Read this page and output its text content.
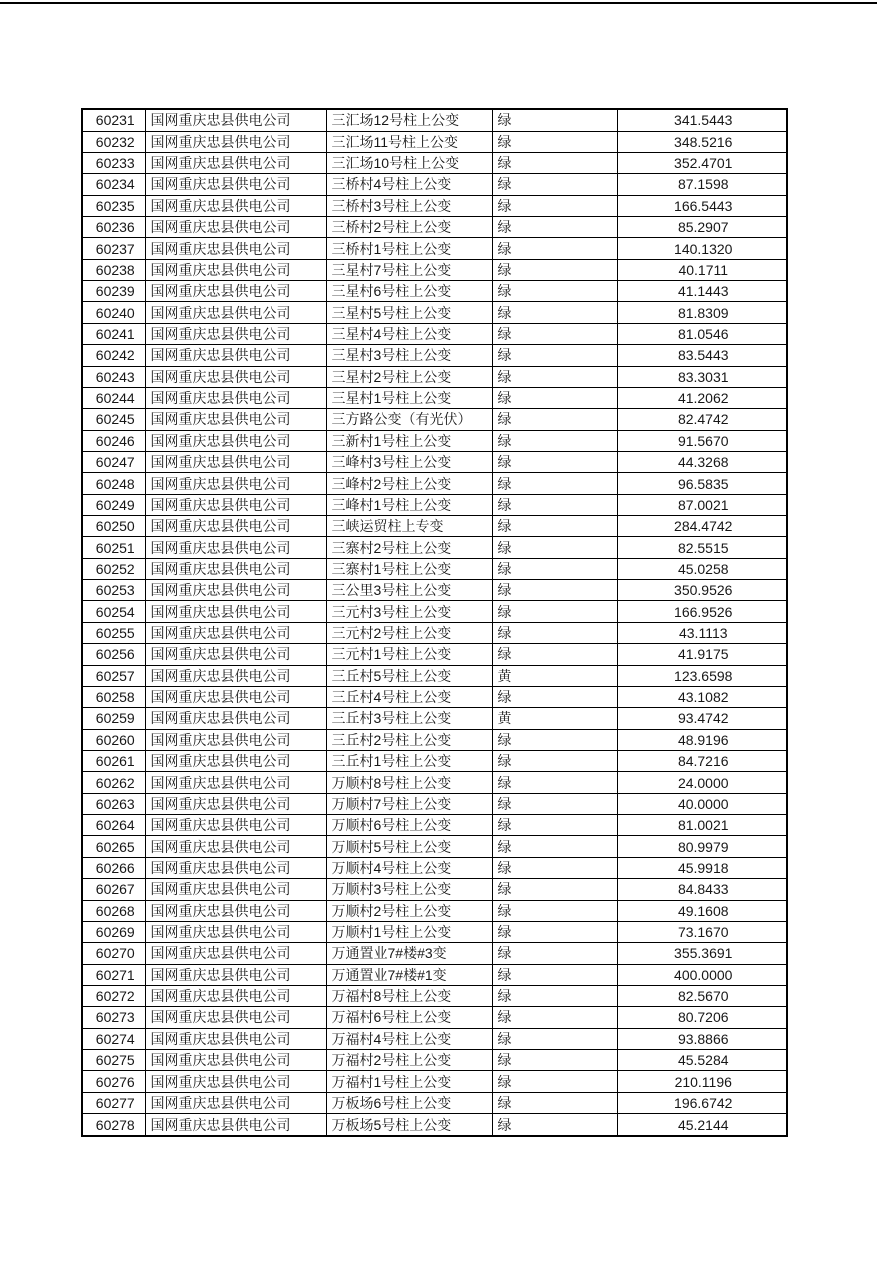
60231	国网重庆忠县供电公司	三汇场12号柱上公变	绿	341.5443
60232	国网重庆忠县供电公司	三汇场11号柱上公变	绿	348.5216
60233	国网重庆忠县供电公司	三汇场10号柱上公变	绿	352.4701
60234	国网重庆忠县供电公司	三桥村4号柱上公变	绿	87.1598
60235	国网重庆忠县供电公司	三桥村3号柱上公变	绿	166.5443
60236	国网重庆忠县供电公司	三桥村2号柱上公变	绿	85.2907
60237	国网重庆忠县供电公司	三桥村1号柱上公变	绿	140.1320
60238	国网重庆忠县供电公司	三星村7号柱上公变	绿	40.1711
60239	国网重庆忠县供电公司	三星村6号柱上公变	绿	41.1443
60240	国网重庆忠县供电公司	三星村5号柱上公变	绿	81.8309
60241	国网重庆忠县供电公司	三星村4号柱上公变	绿	81.0546
60242	国网重庆忠县供电公司	三星村3号柱上公变	绿	83.5443
60243	国网重庆忠县供电公司	三星村2号柱上公变	绿	83.3031
60244	国网重庆忠县供电公司	三星村1号柱上公变	绿	41.2062
60245	国网重庆忠县供电公司	三方路公变（有光伏）	绿	82.4742
60246	国网重庆忠县供电公司	三新村1号柱上公变	绿	91.5670
60247	国网重庆忠县供电公司	三峰村3号柱上公变	绿	44.3268
60248	国网重庆忠县供电公司	三峰村2号柱上公变	绿	96.5835
60249	国网重庆忠县供电公司	三峰村1号柱上公变	绿	87.0021
60250	国网重庆忠县供电公司	三峡运贸柱上专变	绿	284.4742
60251	国网重庆忠县供电公司	三寨村2号柱上公变	绿	82.5515
60252	国网重庆忠县供电公司	三寨村1号柱上公变	绿	45.0258
60253	国网重庆忠县供电公司	三公里3号柱上公变	绿	350.9526
60254	国网重庆忠县供电公司	三元村3号柱上公变	绿	166.9526
60255	国网重庆忠县供电公司	三元村2号柱上公变	绿	43.1113
60256	国网重庆忠县供电公司	三元村1号柱上公变	绿	41.9175
60257	国网重庆忠县供电公司	三丘村5号柱上公变	黄	123.6598
60258	国网重庆忠县供电公司	三丘村4号柱上公变	绿	43.1082
60259	国网重庆忠县供电公司	三丘村3号柱上公变	黄	93.4742
60260	国网重庆忠县供电公司	三丘村2号柱上公变	绿	48.9196
60261	国网重庆忠县供电公司	三丘村1号柱上公变	绿	84.7216
60262	国网重庆忠县供电公司	万顺村8号柱上公变	绿	24.0000
60263	国网重庆忠县供电公司	万顺村7号柱上公变	绿	40.0000
60264	国网重庆忠县供电公司	万顺村6号柱上公变	绿	81.0021
60265	国网重庆忠县供电公司	万顺村5号柱上公变	绿	80.9979
60266	国网重庆忠县供电公司	万顺村4号柱上公变	绿	45.9918
60267	国网重庆忠县供电公司	万顺村3号柱上公变	绿	84.8433
60268	国网重庆忠县供电公司	万顺村2号柱上公变	绿	49.1608
60269	国网重庆忠县供电公司	万顺村1号柱上公变	绿	73.1670
60270	国网重庆忠县供电公司	万通置业7#楼#3变	绿	355.3691
60271	国网重庆忠县供电公司	万通置业7#楼#1变	绿	400.0000
60272	国网重庆忠县供电公司	万福村8号柱上公变	绿	82.5670
60273	国网重庆忠县供电公司	万福村6号柱上公变	绿	80.7206
60274	国网重庆忠县供电公司	万福村4号柱上公变	绿	93.8866
60275	国网重庆忠县供电公司	万福村2号柱上公变	绿	45.5284
60276	国网重庆忠县供电公司	万福村1号柱上公变	绿	210.1196
60277	国网重庆忠县供电公司	万板场6号柱上公变	绿	196.6742
60278	国网重庆忠县供电公司	万板场5号柱上公变	绿	45.2144
